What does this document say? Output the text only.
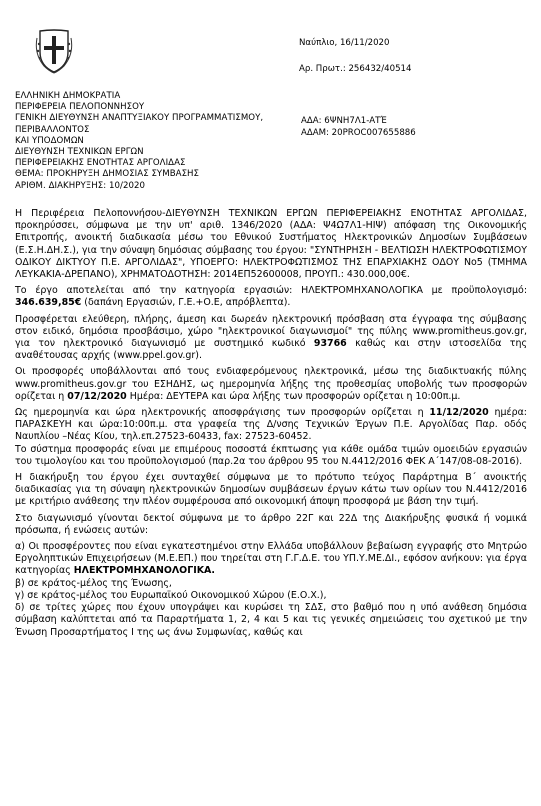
Ναύπλιο, 16/11/2020
Αρ. Πρωτ.: 256432/40514
ΕΛΛΗΝΙΚΗ ΔΗΜΟΚΡΑΤΙΑ
ΠΕΡΙΦΕΡΕΙΑ ΠΕΛΟΠΟΝΝΗΣΟΥ
ΓΕΝΙΚΗ ΔΙΕΥΘΥΝΣΗ ΑΝΑΠΤΥΞΙΑΚΟΥ ΠΡΟΓΡΑΜΜΑΤΙΣΜΟΥ,
ΠΕΡΙΒΑΛΛΟΝΤΟΣ
ΚΑΙ ΥΠΟΔΟΜΩΝ
ΔΙΕΥΘΥΝΣΗ ΤΕΧΝΙΚΩΝ ΕΡΓΩΝ
ΠΕΡΙΦΕΡΕΙΑΚΗΣ ΕΝΟΤΗΤΑΣ ΑΡΓΟΛΙΔΑΣ
ΘΕΜΑ: ΠΡΟΚΗΡΥΞΗ ΔΗΜΟΣΙΑΣ ΣΥΜΒΑΣΗΣ
ΑΡΙΘΜ. ΔΙΑΚΗΡΥΞΗΣ: 10/2020
ΑΔΑ: 6ΨΝΗ7Λ1-ΑΤΈ
ΑΔΑΜ: 20PROC007655886

Η Περιφέρεια Πελοποννήσου-ΔΙΕΥΘΥΝΣΗ ΤΕΧΝΙΚΩΝ ΕΡΓΩΝ ΠΕΡΙΦΕΡΕΙΑΚΗΣ ΕΝΟΤΗΤΑΣ ΑΡΓΟΛΙΔΑΣ, προκηρύσσει, σύμφωνα με την υπ' αριθ. 1346/2020 (ΑΔΑ: Ψ4Ω7Λ1-ΗΙΨ) απόφαση της Οικονομικής Επιτροπής, ανοικτή διαδικασία μέσω του Εθνικού Συστήματος Ηλεκτρονικών Δημοσίων Συμβάσεων (Ε.Σ.Η.ΔΗ.Σ.), για την σύναψη δημόσιας σύμβασης του έργου: "ΣΥΝΤΗΡΗΣΗ - ΒΕΛΤΙΩΣΗ ΗΛΕΚΤΡΟΦΩΤΙΣΜΟΥ ΟΔΙΚΟΥ ΔΙΚΤΥΟΥ Π.Ε. ΑΡΓΟΛΙΔΑΣ", ΥΠΟΕΡΓΟ: ΗΛΕΚΤΡΟΦΩΤΙΣΜΟΣ ΤΗΣ ΕΠΑΡΧΙΑΚΗΣ ΟΔΟΥ Νο5 (ΤΜΗΜΑ ΛΕΥΚΑΚΙΑ-ΔΡΕΠΑΝΟ), ΧΡΗΜΑΤΟΔΟΤΗΣΗ: 2014ΕΠ52600008, ΠΡΟΥΠ.: 430.000,00€.

Το έργο αποτελείται από την κατηγορία εργασιών: ΗΛΕΚΤΡΟΜΗΧΑΝΟΛΟΓΙΚΑ με προϋπολογισμό: 346.639,85€ (δαπάνη Εργασιών, Γ.Ε.+Ο.Ε, απρόβλεπτα).

Προσφέρεται ελεύθερη, πλήρης, άμεση και δωρεάν ηλεκτρονική πρόσβαση στα έγγραφα της σύμβασης στον ειδικό, δημόσια προσβάσιμο, χώρο "ηλεκτρονικοί διαγωνισμοί" της πύλης www.promitheus.gov.gr, για τον ηλεκτρονικό διαγωνισμό με συστημικό κωδικό 93766 καθώς και στην ιστοσελίδα της αναθέτουσας αρχής (www.ppel.gov.gr).

Οι προσφορές υποβάλλονται από τους ενδιαφερόμενους ηλεκτρονικά, μέσω της διαδικτυακής πύλης www.promitheus.gov.gr του ΕΣΗΔΗΣ, ως ημερομηνία λήξης της προθεσμίας υποβολής των προσφορών ορίζεται η 07/12/2020 Ημέρα: ΔΕΥΤΕΡΑ και ώρα λήξης των προσφορών ορίζεται η 10:00π.μ.

Ως ημερομηνία και ώρα ηλεκτρονικής αποσφράγισης των προσφορών ορίζεται η 11/12/2020 ημέρα: ΠΑΡΑΣΚΕΥΗ και ώρα:10:00π.μ. στα γραφεία της Δ/νσης Τεχνικών Έργων Π.Ε. Αργολίδας Παρ. οδός Ναυπλίου –Νέας Κίου, τηλ.επ.27523-60433, fax: 27523-60452.

Το σύστημα προσφοράς είναι με επιμέρους ποσοστά έκπτωσης για κάθε ομάδα τιμών ομοειδών εργασιών του τιμολογίου και του προϋπολογισμού (παρ.2α του άρθρου 95 του Ν.4412/2016 ΦΕΚ Α΄147/08-08-2016).

Η διακήρυξη του έργου έχει συνταχθεί σύμφωνα με το πρότυπο τεύχος Παράρτημα Β΄ ανοικτής διαδικασίας για τη σύναψη ηλεκτρονικών δημοσίων συμβάσεων έργων κάτω των ορίων του Ν.4412/2016 με κριτήριο ανάθεσης την πλέον συμφέρουσα από οικονομική άποψη προσφορά με βάση την τιμή.

Στο διαγωνισμό γίνονται δεκτοί σύμφωνα με το άρθρο 22Γ και 22Δ της Διακήρυξης φυσικά ή νομικά πρόσωπα, ή ενώσεις αυτών:

α) Οι προσφέροντες που είναι εγκατεστημένοι στην Ελλάδα υποβάλλουν βεβαίωση εγγραφής στο Μητρώο Εργοληπτικών Επιχειρήσεων (Μ.Ε.ΕΠ.) που τηρείται στη Γ.Γ.Δ.Ε. του ΥΠ.Υ.ΜΕ.ΔΙ., εφόσον ανήκουν: για έργα κατηγορίας ΗΛΕΚΤΡΟΜΗΧΑΝΟΛΟΓΙΚΑ.

β) σε κράτος-μέλος της Ένωσης,

γ) σε κράτος-μέλος του Ευρωπαϊκού Οικονομικού Χώρου (Ε.Ο.Χ.),

δ) σε τρίτες χώρες που έχουν υπογράψει και κυρώσει τη ΣΔΣ, στο βαθμό που η υπό ανάθεση δημόσια σύμβαση καλύπτεται από τα Παραρτήματα 1, 2, 4 και 5 και τις γενικές σημειώσεις του σχετικού με την Ένωση Προσαρτήματος Ι της ως άνω Συμφωνίας, καθώς και
